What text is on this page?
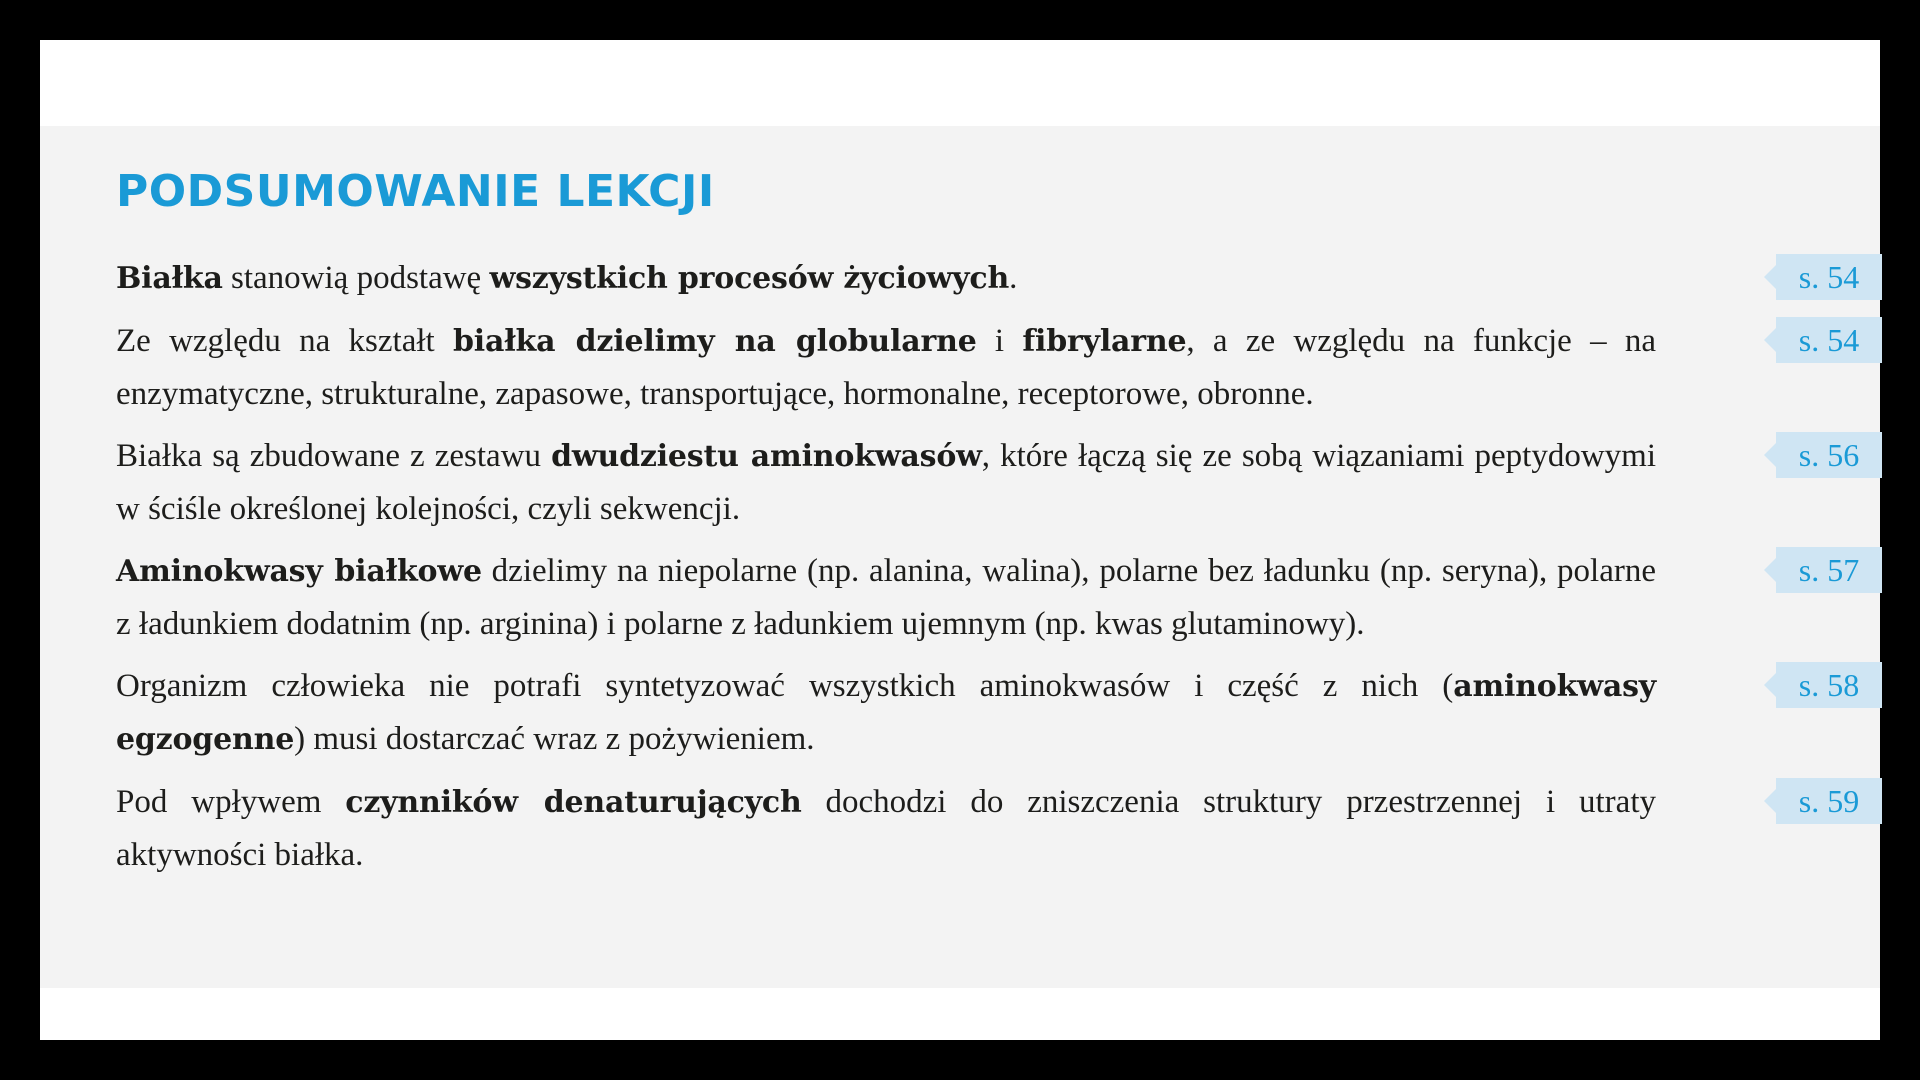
PODSUMOWANIE LEKCJI
Białka stanowią podstawę wszystkich procesów życiowych.	s. 54
Ze względu na kształt białka dzielimy na globularne i fibrylarne, a ze względu na funkcje – na enzymatyczne, strukturalne, zapasowe, transportujące, hormonalne, receptorowe, obronne.
s. 54
Białka są zbudowane z zestawu dwudziestu aminokwasów, które łączą się ze sobą wiązaniami peptydowymi w ściśle określonej kolejności, czyli sekwencji.
s. 56
Aminokwasy białkowe dzielimy na niepolarne (np. alanina, walina), polarne bez ładunku (np. seryna), polarne z ładunkiem dodatnim (np. arginina) i polarne z ładunkiem ujemnym (np. kwas glutaminowy).
s. 57
Organizm człowieka nie potrafi syntetyzować wszystkich aminokwasów i część z nich (aminokwasy egzogenne) musi dostarczać wraz z pożywieniem.
s. 58
Pod wpływem czynników denaturujących dochodzi do zniszczenia struktury przestrzennej i utraty aktywności białka.
s. 59
